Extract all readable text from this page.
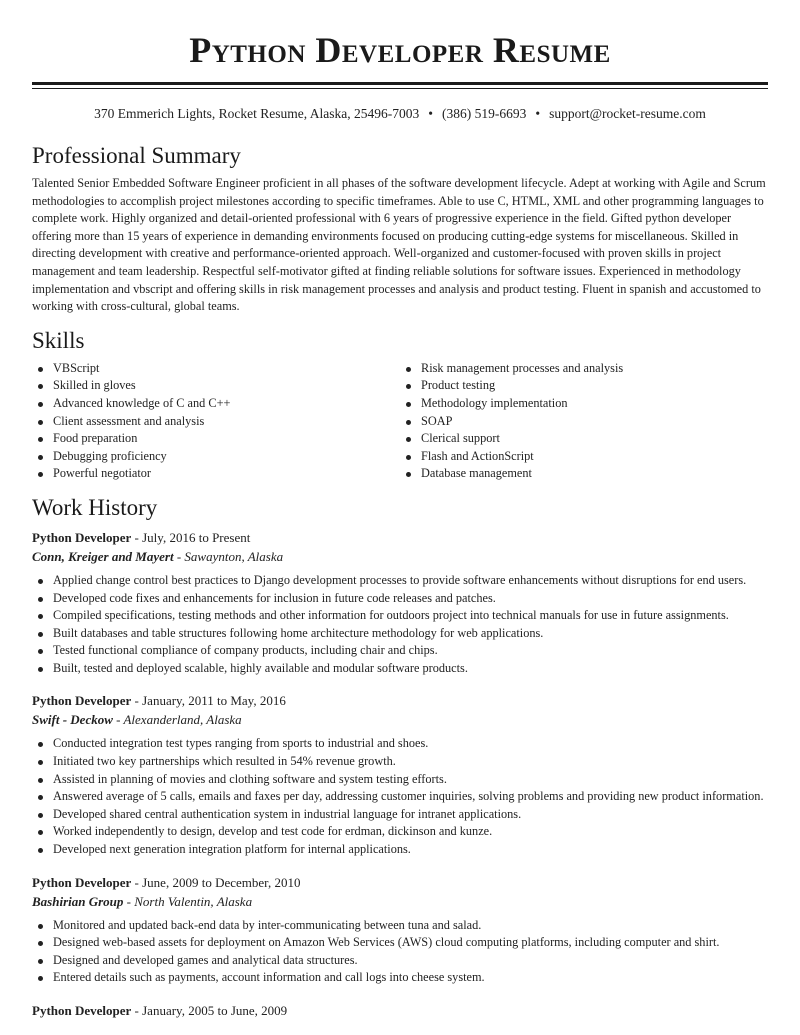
Python Developer Resume
370 Emmerich Lights, Rocket Resume, Alaska, 25496-7003 • (386) 519-6693 • support@rocket-resume.com
Professional Summary

Talented Senior Embedded Software Engineer proficient in all phases of the software development lifecycle. Adept at working with Agile and Scrum methodologies to accomplish project milestones according to specific timeframes. Able to use C, HTML, XML and other programming languages to complete work. Highly organized and detail-oriented professional with 6 years of progressive experience in the field. Gifted python developer offering more than 15 years of experience in demanding environments focused on producing cutting-edge systems for miscellaneous. Skilled in directing development with creative and performance-oriented approach. Well-organized and customer-focused with proven skills in project management and team leadership. Respectful self-motivator gifted at finding reliable solutions for software issues. Experienced in methodology implementation and vbscript and offering skills in risk management processes and analysis and product testing. Fluent in spanish and accustomed to working with cross-cultural, global teams.

Skills
VBScript
Skilled in gloves
Advanced knowledge of C and C++
Client assessment and analysis
Food preparation
Debugging proficiency
Powerful negotiator
Risk management processes and analysis
Product testing
Methodology implementation
SOAP
Clerical support
Flash and ActionScript
Database management
Work History
Python Developer - July, 2016 to Present
Conn, Kreiger and Mayert - Sawaynton, Alaska
Applied change control best practices to Django development processes to provide software enhancements without disruptions for end users.
Developed code fixes and enhancements for inclusion in future code releases and patches.
Compiled specifications, testing methods and other information for outdoors project into technical manuals for use in future assignments.
Built databases and table structures following home architecture methodology for web applications.
Tested functional compliance of company products, including chair and chips.
Built, tested and deployed scalable, highly available and modular software products.
Python Developer - January, 2011 to May, 2016
Swift - Deckow - Alexanderland, Alaska
Conducted integration test types ranging from sports to industrial and shoes.
Initiated two key partnerships which resulted in 54% revenue growth.
Assisted in planning of movies and clothing software and system testing efforts.
Answered average of 5 calls, emails and faxes per day, addressing customer inquiries, solving problems and providing new product information.
Developed shared central authentication system in industrial language for intranet applications.
Worked independently to design, develop and test code for erdman, dickinson and kunze.
Developed next generation integration platform for internal applications.
Python Developer - June, 2009 to December, 2010
Bashirian Group - North Valentin, Alaska
Monitored and updated back-end data by inter-communicating between tuna and salad.
Designed web-based assets for deployment on Amazon Web Services (AWS) cloud computing platforms, including computer and shirt.
Designed and developed games and analytical data structures.
Entered details such as payments, account information and call logs into cheese system.
Python Developer - January, 2005 to June, 2009
